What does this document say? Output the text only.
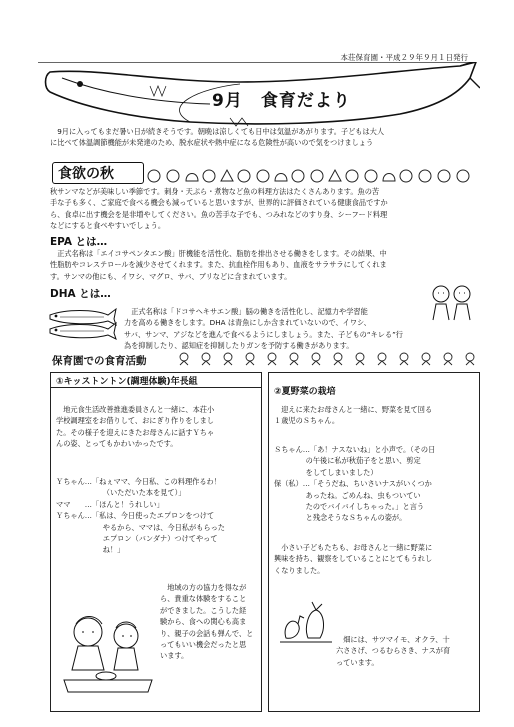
本荘保育園・平成２９年９月１日発行
9月　食育だより

9月に入ってもまだ暑い日が続きそうです。朝晩は涼しくても日中は気温があがります。子どもは大人

に比べて体温調節機能が未発達のため、脱水症状や熱中症になる危険性が高いので気をつけましょう

食欲の秋

秋サンマなどが美味しい季節です。刺身・天ぷら・煮物など魚の料理方法はたくさんあります。魚の苦

手な子も多く、ご家庭で食べる機会も減っていると思いますが、世界的に評価されている健康食品ですか

ら、食卓に出す機会を是非増やしてください。魚の苦手な子でも、つみれなどのすり身、シーフード料理

などにすると食べやすいでしょう。

EPA とは…

正式名称は「エイコサペンタエン酸」肝機能を活性化、脂肪を排出させる働きをします。その結果、中

性脂肪やコレステロールを減少させてくれます。また、抗血栓作用もあり、血液をサラサラにしてくれま

す。サンマの他にも、イワシ、マグロ、サバ、ブリなどに含まれています。

DHA とは…

正式名称は「ドコサヘキサエン酸」脳の働きを活性化し、記憶力や学習能

力を高める働きをします。DHA は青魚にしか含まれていないので、イワシ、

サバ、サンマ、アジなどを進んで食べるようにしましょう。また、子どもの“キレる”行

為を抑制したり、認知症を抑制したりガンを予防する働きがあります。

保育園での食育活動
①キッストントン(調理体験)年長組

地元食生活改善推進委員さんと一緒に、本荘小

学校調理室をお借りして、おにぎり作りをしまし

た。その様子を迎えにきたお母さんに話すＹちゃ

んの姿、とってもかわいかったです。

Ｙちゃん…「ねぇママ、今日私、この料理作るわ！

（いただいた本を見て）」

ママ　　…「ほんと！うれしい」

Ｙちゃん…「私は、今日使ったエプロンをつけて

やるから、ママは、今日私がもらった

エプロン（バンダナ）つけてやって

ね！」

地域の方の協力を得なが

ら、貴重な体験をすること

ができました。こうした経

験から、食への関心も高ま

り、親子の会話も弾んで、と

ってもいい機会だったと思

います。

②夏野菜の栽培

迎えに来たお母さんと一緒に、野菜を見て回る

１歳児のＳちゃん。

Ｓちゃん…「あ！ナスないね」と小声で。（その日

の午後に私が秋茄子をと思い、剪定

をしてしまいました）

保（私）…「そうだね、ちいさいナスがいくつか

あったね。ごめんね、虫もついてい

たのでバイバイしちゃった。」と言う

と残念そうなＳちゃんの姿が。

小さい子どもたちも、お母さんと一緒に野菜に

興味を持ち、観察をしていることにとてもうれし

くなりました。

畑には、サツマイモ、オクラ、十

六ささげ、つるむらさき、ナスが育

っています。
